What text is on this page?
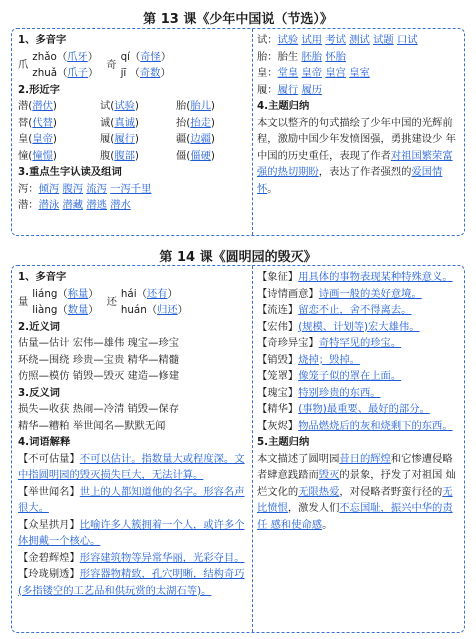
第 13 课《少年中国说（节选）》
1、多音字
爪
zhǎo（爪牙）
zhuǎ（爪子）
奇
qí（奇怪）
jī （奇数）
2.形近字
潜(潜伏)	试(试验)	胎(胎儿)
替(代替)	诚(真诚)	抬(抬走)
皇(皇帝)	履(履行)	疆(边疆)
憧(憧憬)	腹(腹部)	僵(僵硬)
3.重点生字认读及组词
泻：倾泻 腹泻 流泻 一泻千里
潜：潜泳 潜藏 潜逃 潜水
试：试验 试用 考试 测试 试题 口试
胎：胎生 胚胎 怀胎
皇：堂皇 皇帝 皇宫 皇室
履：履行 履历
4.主题归纳
本文以整齐的句式描绘了少年中国的光辉前程，激励中国少年发愤图强，勇挑建设少 年中国的历史重任，表现了作者对祖国繁荣富强的热切期盼，表达了作者强烈的爱国情怀。
第 14 课《圆明园的毁灭》
1、多音字
量
liáng（称量）
liàng（数量）
还
hái（还有）
huán（归还）
2.近义词
估量—估计 宏伟—雄伟 瑰宝—珍宝
环绕—围绕 珍贵—宝贵 精华—精髓
仿照—模仿 销毁—毁灭 建造—修建
3.反义词
损失—收获 热闹—冷清 销毁—保存
精华—糟粕 举世闻名—默默无闻
4.词语解释
【不可估量】不可以估计。指数量大或程度深。文中指圆明园的毁灭损失巨大，无法计算。
【举世闻名】世上的人都知道他的名字。形容名声很大。
【众星拱月】比喻许多人簇拥着一个人，或许多个体拥戴一个核心。
【金碧辉煌】形容建筑物等异常华丽，光彩夺目。
【玲珑剔透】形容器物精致，孔穴明晰，结构奇巧(多指镂空的工艺品和供玩赏的太湖石等)。
【象征】用具体的事物表现某种特殊意义。
【诗情画意】诗画一般的美好意境。
【流连】留恋不止，舍不得离去。
【宏伟】(规模、计划等)宏大雄伟。
【奇珍异宝】奇特罕见的珍宝。
【销毁】烧掉；毁掉。
【笼罩】像笼子似的罩在上面。
【瑰宝】特别珍贵的东西。
【精华】(事物)最重要、最好的部分。
【灰烬】物品燃烧后的灰和烧剩下的东西。
5.主题归纳
本文描述了圆明园昔日的辉煌和它惨遭侵略者肆意践踏而毁灭的景象，抒发了对祖国 灿烂文化的无限热爱，对侵略者野蛮行径的无比愤恨，激发人们不忘国耻，振兴中华的责任 感和使命感。
